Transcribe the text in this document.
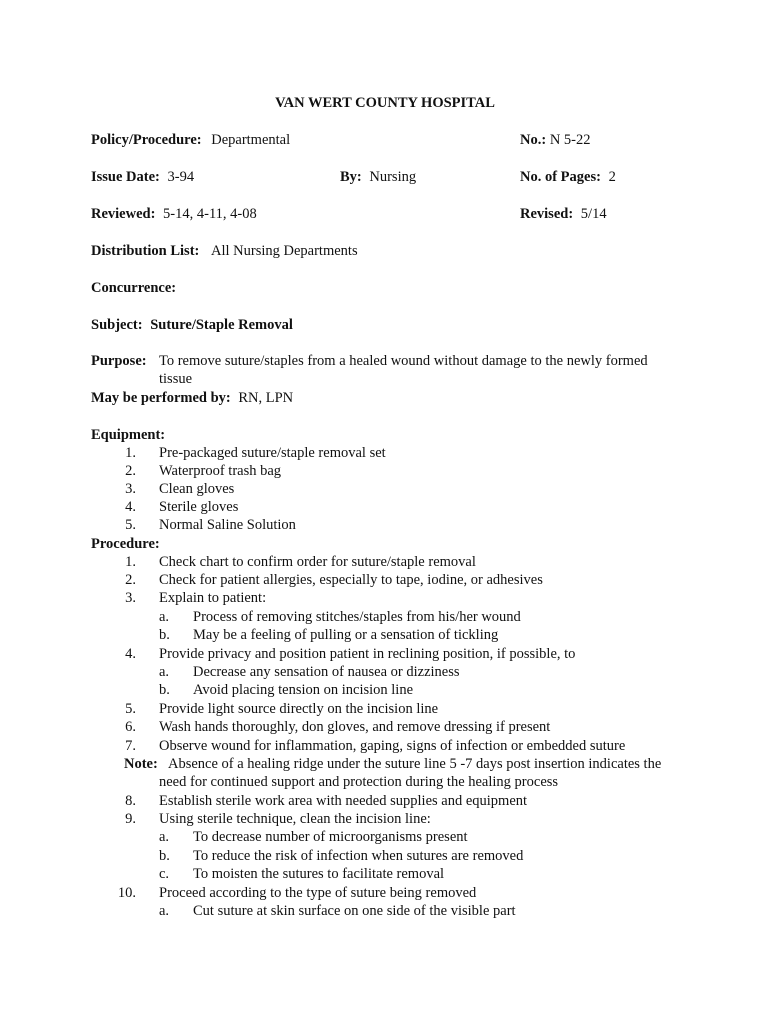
VAN WERT COUNTY HOSPITAL
Policy/Procedure: Departmental	No.: N 5-22
Issue Date: 3-94	By: Nursing	No. of Pages: 2
Reviewed: 5-14, 4-11, 4-08	Revised: 5/14
Distribution List: All Nursing Departments
Concurrence:
Subject: Suture/Staple Removal
Purpose: To remove suture/staples from a healed wound without damage to the newly formed
tissue
May be performed by: RN, LPN
Equipment:
1. Pre-packaged suture/staple removal set
2. Waterproof trash bag
3. Clean gloves
4. Sterile gloves
5. Normal Saline Solution
Procedure:
1. Check chart to confirm order for suture/staple removal
2. Check for patient allergies, especially to tape, iodine, or adhesives
3. Explain to patient:
a. Process of removing stitches/staples from his/her wound
b. May be a feeling of pulling or a sensation of tickling
4. Provide privacy and position patient in reclining position, if possible, to
a. Decrease any sensation of nausea or dizziness
b. Avoid placing tension on incision line
5. Provide light source directly on the incision line
6. Wash hands thoroughly, don gloves, and remove dressing if present
7. Observe wound for inflammation, gaping, signs of infection or embedded suture
Note: Absence of a healing ridge under the suture line 5 -7 days post insertion indicates the
need for continued support and protection during the healing process
8. Establish sterile work area with needed supplies and equipment
9. Using sterile technique, clean the incision line:
a. To decrease number of microorganisms present
b. To reduce the risk of infection when sutures are removed
c. To moisten the sutures to facilitate removal
10. Proceed according to the type of suture being removed
a. Cut suture at skin surface on one side of the visible part
